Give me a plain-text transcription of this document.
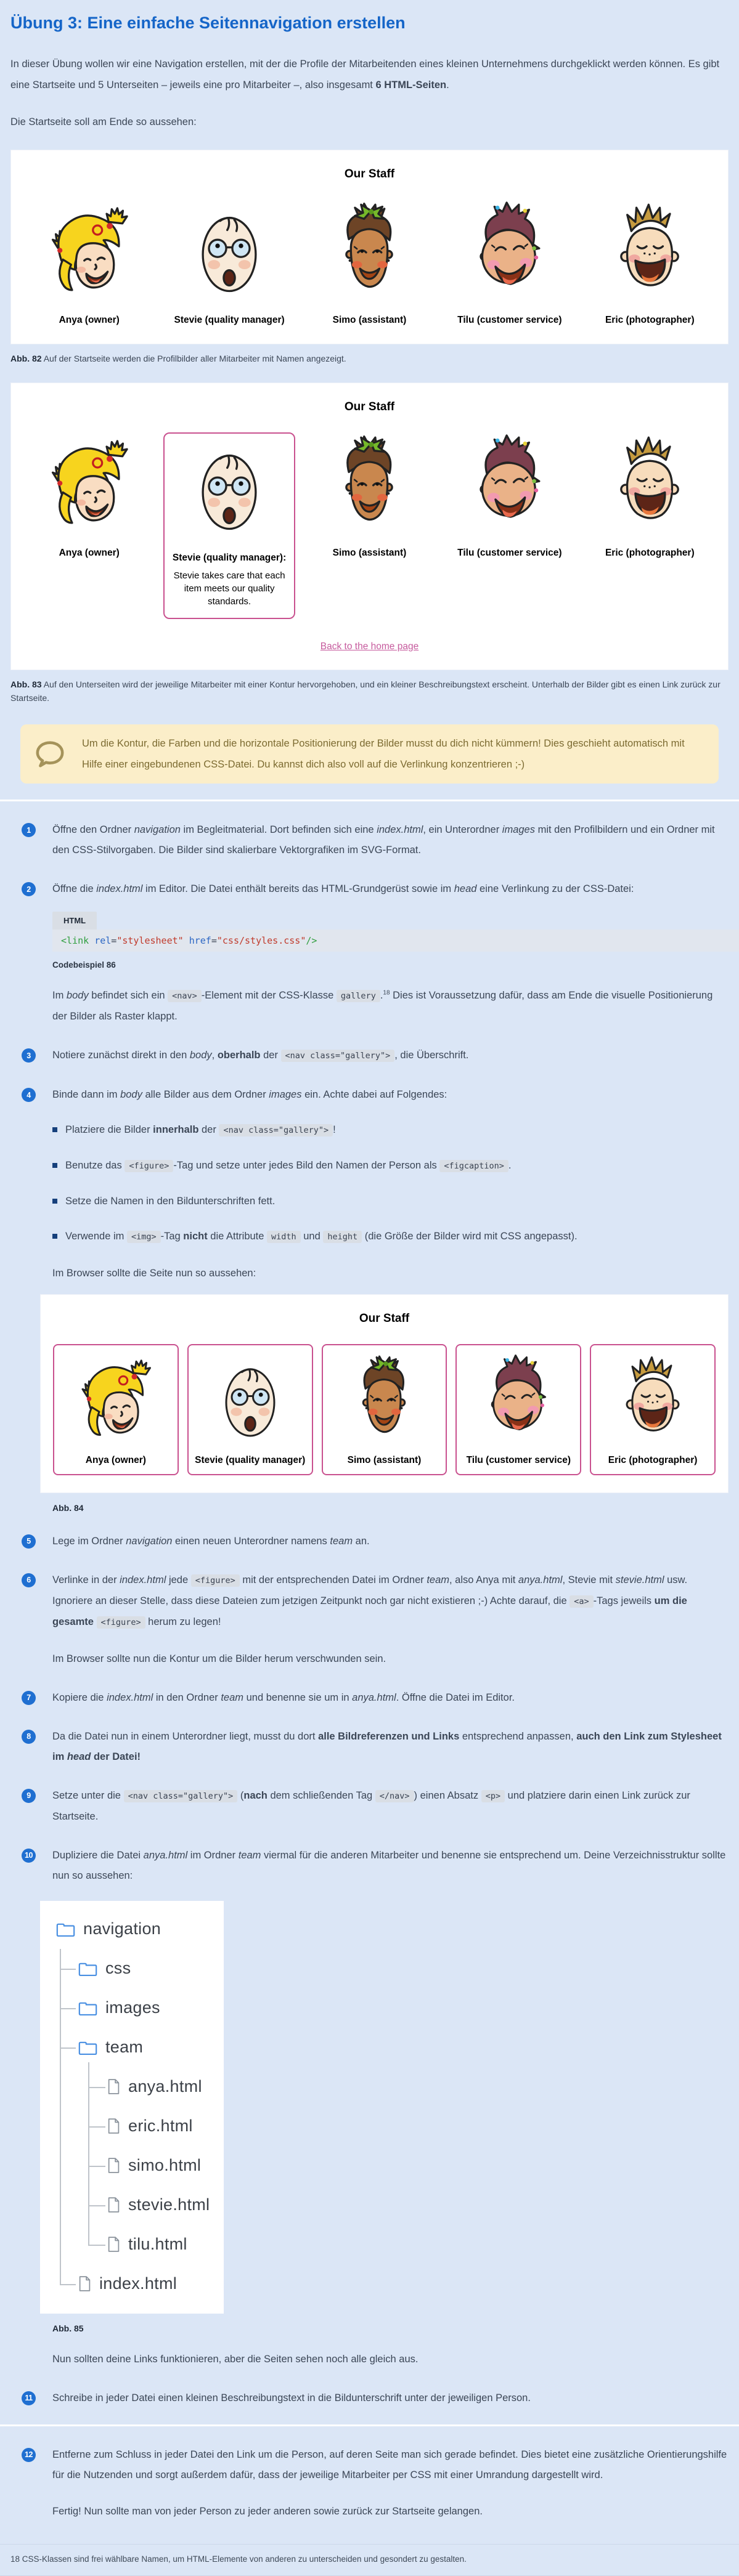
Übung 3: Eine einfache Seitennavigation erstellen

In dieser Übung wollen wir eine Navigation erstellen, mit der die Profile der Mitarbeitenden eines kleinen Unternehmens durchgeklickt werden können. Es gibt eine Startseite und 5 Unterseiten – jeweils eine pro Mitarbeiter –, also insgesamt 6 HTML-Seiten.

Die Startseite soll am Ende so aussehen:

Our Staff
Anya (owner)	Stevie (quality manager)	Simo (assistant)	Tilu (customer service)	Eric (photographer)

Abb. 82 Auf der Startseite werden die Profilbilder aller Mitarbeiter mit Namen angezeigt.

Our Staff
Anya (owner)	Stevie (quality manager):
Stevie takes care that each item meets our quality standards.
Simo (assistant)	Tilu (customer service)	Eric (photographer)
Back to the home page

Abb. 83 Auf den Unterseiten wird der jeweilige Mitarbeiter mit einer Kontur hervorgehoben, und ein kleiner Beschreibungstext erscheint. Unterhalb der Bilder gibt es einen Link zurück zur Startseite.

Um die Kontur, die Farben und die horizontale Positionierung der Bilder musst du dich nicht kümmern! Dies geschieht automatisch mit Hilfe einer eingebundenen CSS-Datei. Du kannst dich also voll auf die Verlinkung konzentrieren ;-)
1	Öffne den Ordner navigation im Begleitmaterial. Dort befinden sich eine index.html, ein Unterordner images mit den Profilbildern und ein Ordner mit den CSS-Stilvorgaben. Die Bilder sind skalierbare Vektorgrafiken im SVG-Format.
2	Öffne die index.html im Editor. Die Datei enthält bereits das HTML-Grundgerüst sowie im head eine Verlinkung zu der CSS-Datei:
HTML
<link rel="stylesheet" href="css/styles.css"/>
Codebeispiel 86

Im body befindet sich ein <nav> -Element mit der CSS-Klasse gallery .$^{18}$ Dies ist Voraussetzung dafür, dass am Ende die visuelle Positionierung der Bilder als Raster klappt.

3	Notiere zunächst direkt in den body, oberhalb der <nav class="gallery"> , die Überschrift.
4	Binde dann im body alle Bilder aus dem Ordner images ein. Achte dabei auf Folgendes:
Platziere die Bilder innerhalb der <nav class="gallery"> !
Benutze das <figure> -Tag und setze unter jedes Bild den Namen der Person als <figcaption> .
Setze die Namen in den Bildunterschriften fett.
Verwende im <img> -Tag nicht die Attribute width und height (die Größe der Bilder wird mit CSS angepasst).

Im Browser sollte die Seite nun so aussehen:

Our Staff
Anya (owner)	Stevie (quality manager)	Simo (assistant)	Tilu (customer service)	Eric (photographer)

Abb. 84

5	Lege im Ordner navigation einen neuen Unterordner namens team an.
6	Verlinke in der index.html jede <figure> mit der entsprechenden Datei im Ordner team, also Anya mit anya.html, Stevie mit stevie.html usw. Ignoriere an dieser Stelle, dass diese Dateien zum jetzigen Zeitpunkt noch gar nicht existieren ;-) Achte darauf, die <a> -Tags jeweils um die gesamte <figure> herum zu legen!

Im Browser sollte nun die Kontur um die Bilder herum verschwunden sein.

7	Kopiere die index.html in den Ordner team und benenne sie um in anya.html. Öffne die Datei im Editor.
8	Da die Datei nun in einem Unterordner liegt, musst du dort alle Bildreferenzen und Links entsprechend anpassen, auch den Link zum Stylesheet im head der Datei!
9	Setze unter die <nav class="gallery"> (nach dem schließenden Tag </nav> ) einen Absatz <p> und platziere darin einen Link zurück zur Startseite.
10	Dupliziere die Datei anya.html im Ordner team viermal für die anderen Mitarbeiter und benenne sie entsprechend um. Deine Verzeichnisstruktur sollte nun so aussehen:
navigation
css
images
team
anya.html
eric.html
simo.html
stevie.html
tilu.html
index.html

Abb. 85

Nun sollten deine Links funktionieren, aber die Seiten sehen noch alle gleich aus.

11	Schreibe in jeder Datei einen kleinen Beschreibungstext in die Bildunterschrift unter der jeweiligen Person.
12	Entferne zum Schluss in jeder Datei den Link um die Person, auf deren Seite man sich gerade befindet. Dies bietet eine zusätzliche Orientierungshilfe für die Nutzenden und sorgt außerdem dafür, dass der jeweilige Mitarbeiter per CSS mit einer Umrandung dargestellt wird.

Fertig! Nun sollte man von jeder Person zu jeder anderen sowie zurück zur Startseite gelangen.

18 CSS-Klassen sind frei wählbare Namen, um HTML-Elemente von anderen zu unterscheiden und gesondert zu gestalten.
